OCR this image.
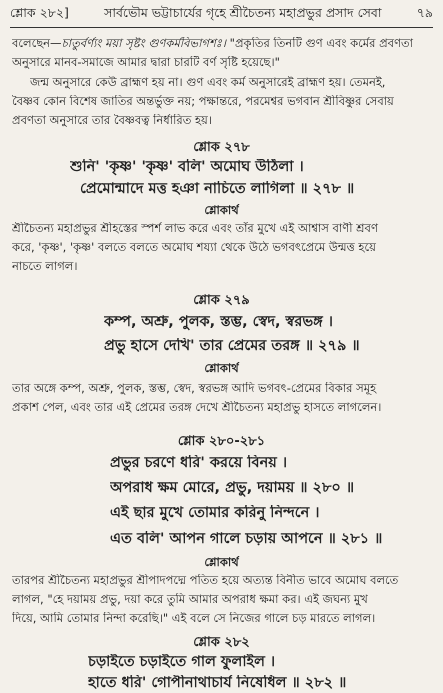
শ্লোক ২৮২]	সার্বভৌম ভট্টাচার্যের গৃহে শ্রীচৈতন্য মহাপ্রভুর প্রসাদ সেবা	৭৯
বলেছেন—চাতুর্বর্ণ্যং ময়া সৃষ্টং গুণকর্মবিভাগশঃ। "প্রকৃতির তিনটি গুণ এবং কর্মের প্রবণতা
অনুসারে মানব-সমাজে আমার দ্বারা চারটি বর্ণ সৃষ্টি হয়েছে।"
জন্ম অনুসারে কেউ ব্রাহ্মণ হয় না। গুণ এবং কর্ম অনুসারেই ব্রাহ্মণ হয়। তেমনই,
বৈষ্ণব কোন বিশেষ জাতির অন্তর্ভুক্ত নয়; পক্ষান্তরে, পরমেশ্বর ভগবান শ্রীবিষ্ণুর সেবায়
প্রবণতা অনুসারে তার বৈষ্ণবত্ব নির্ধারিত হয়।
শ্লোক ২৭৮
শুনি' 'কৃষ্ণ' 'কৃষ্ণ' বলি' অমোঘ উঠিলা ।
প্রেমোন্মাদে মত্ত হঞা নাচিতে লাগিলা ॥ ২৭৮ ॥
শ্লোকার্থ
শ্রীচৈতন্য মহাপ্রভুর শ্রীহস্তের স্পর্শ লাভ করে এবং তাঁর মুখে এই আশ্বাস বাণী শ্রবণ
করে, 'কৃষ্ণ', 'কৃষ্ণ' বলতে বলতে অমোঘ শয্যা থেকে উঠে ভগবৎপ্রেমে উন্মত্ত হয়ে
নাচতে লাগল।
শ্লোক ২৭৯
কম্প, অশ্রু, পুলক, স্তম্ভ, স্বেদ, স্বরভঙ্গ ।
প্রভু হাসে দেখি' তার প্রেমের তরঙ্গ ॥ ২৭৯ ॥
শ্লোকার্থ
তার অঙ্গে কম্প, অশ্রু, পুলক, স্তম্ভ, স্বেদ, স্বরভঙ্গ আদি ভগবৎ-প্রেমের বিকার সমূহ
প্রকাশ পেল, এবং তার এই প্রেমের তরঙ্গ দেখে শ্রীচৈতন্য মহাপ্রভু হাসতে লাগলেন।
শ্লোক ২৮০-২৮১
প্রভুর চরণে ধরি' করয়ে বিনয় ।
অপরাধ ক্ষম মোরে, প্রভু, দয়াময় ॥ ২৮০ ॥
এই ছার মুখে তোমার করিনু নিন্দনে ।
এত বলি' আপন গালে চড়ায় আপনে ॥ ২৮১ ॥
শ্লোকার্থ
তারপর শ্রীচৈতন্য মহাপ্রভুর শ্রীপাদপদ্মে পতিত হয়ে অত্যন্ত বিনীত ভাবে অমোঘ বলতে
লাগল, "হে দয়াময় প্রভু, দয়া করে তুমি আমার অপরাধ ক্ষমা কর। এই জঘন্য মুখ
দিয়ে, আমি তোমার নিন্দা করেছি।" এই বলে সে নিজের গালে চড় মারতে লাগল।
শ্লোক ২৮২
চড়াইতে চড়াইতে গাল ফুলাইল ।
হাতে ধরি' গোপীনাথাচার্য নিষেধিল ॥ ২৮২ ॥
